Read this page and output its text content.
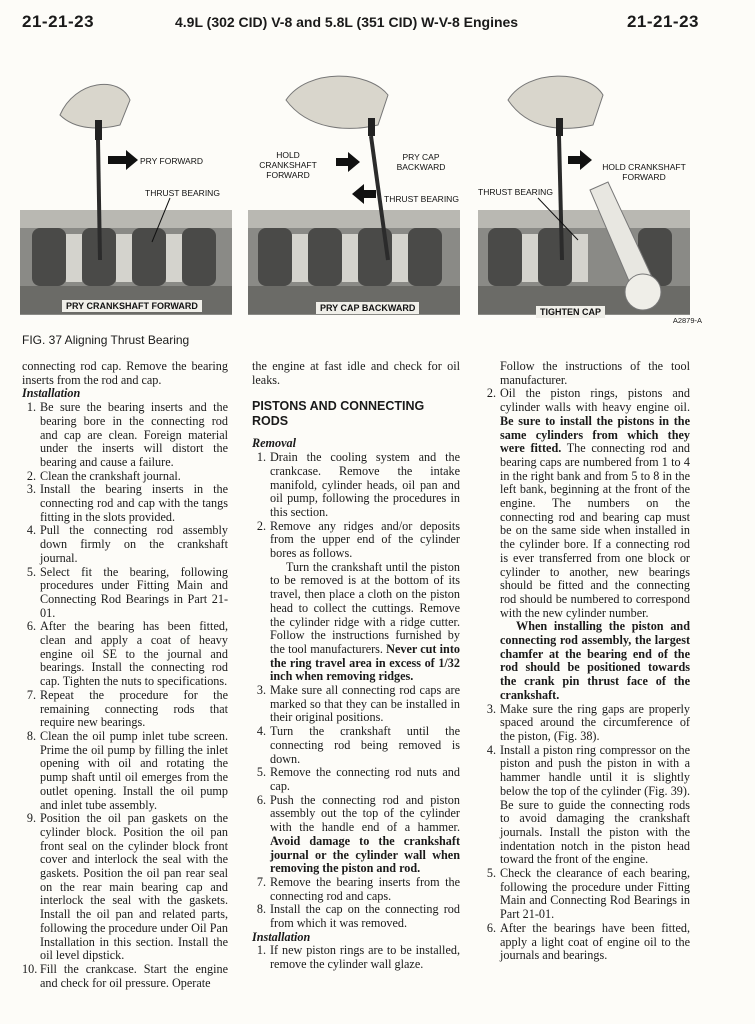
21-21-23	4.9L (302 CID) V-8 and 5.8L (351 CID) W-V-8 Engines	21-21-23
PRY FORWARD
THRUST BEARING
PRY CRANKSHAFT FORWARD
HOLD CRANKSHAFT FORWARD
PRY CAP BACKWARD
THRUST BEARING
PRY CAP BACKWARD
HOLD CRANKSHAFT FORWARD
THRUST BEARING
TIGHTEN CAP
A2879-A
FIG. 37 Aligning Thrust Bearing

connecting rod cap. Remove the bearing inserts from the rod and cap.

Installation

1. Be sure the bearing inserts and the bearing bore in the connecting rod and cap are clean. Foreign material under the inserts will distort the bearing and cause a failure.
2. Clean the crankshaft journal.
3. Install the bearing inserts in the connecting rod and cap with the tangs fitting in the slots provided.
4. Pull the connecting rod assembly down firmly on the crankshaft journal.
5. Select fit the bearing, following procedures under Fitting Main and Connecting Rod Bearings in Part 21-01.
6. After the bearing has been fitted, clean and apply a coat of heavy engine oil SE to the journal and bearings. Install the connecting rod cap. Tighten the nuts to specifications.
7. Repeat the procedure for the remaining connecting rods that require new bearings.
8. Clean the oil pump inlet tube screen. Prime the oil pump by filling the inlet opening with oil and rotating the pump shaft until oil emerges from the outlet opening. Install the oil pump and inlet tube assembly.
9. Position the oil pan gaskets on the cylinder block. Position the oil pan front seal on the cylinder block front cover and interlock the seal with the gaskets. Position the oil pan rear seal on the rear main bearing cap and interlock the seal with the gaskets. Install the oil pan and related parts, following the procedure under Oil Pan Installation in this section. Install the oil level dipstick.
10. Fill the crankcase. Start the engine and check for oil pressure. Operate

the engine at fast idle and check for oil leaks.

PISTONS AND CONNECTING RODS

Removal

1. Drain the cooling system and the crankcase. Remove the intake manifold, cylinder heads, oil pan and oil pump, following the procedures in this section.
2. Remove any ridges and/or deposits from the upper end of the cylinder bores as follows.

Turn the crankshaft until the piston to be removed is at the bottom of its travel, then place a cloth on the piston head to collect the cuttings. Remove the cylinder ridge with a ridge cutter. Follow the instructions furnished by the tool manufacturers. Never cut into the ring travel area in excess of 1/32 inch when removing ridges.

3. Make sure all connecting rod caps are marked so that they can be installed in their original positions.
4. Turn the crankshaft until the connecting rod being removed is down.
5. Remove the connecting rod nuts and cap.
6. Push the connecting rod and piston assembly out the top of the cylinder with the handle end of a hammer. Avoid damage to the crankshaft journal or the cylinder wall when removing the piston and rod.
7. Remove the bearing inserts from the connecting rod and caps.
8. Install the cap on the connecting rod from which it was removed.

Installation

1. If new piston rings are to be installed, remove the cylinder wall glaze.

Follow the instructions of the tool manufacturer.

2. Oil the piston rings, pistons and cylinder walls with heavy engine oil. Be sure to install the pistons in the same cylinders from which they were fitted. The connecting rod and bearing caps are numbered from 1 to 4 in the right bank and from 5 to 8 in the left bank, beginning at the front of the engine. The numbers on the connecting rod and bearing cap must be on the same side when installed in the cylinder bore. If a connecting rod is ever transferred from one block or cylinder to another, new bearings should be fitted and the connecting rod should be numbered to correspond with the new cylinder number.

When installing the piston and connecting rod assembly, the largest chamfer at the bearing end of the rod should be positioned towards the crank pin thrust face of the crankshaft.

3. Make sure the ring gaps are properly spaced around the circumference of the piston, (Fig. 38).
4. Install a piston ring compressor on the piston and push the piston in with a hammer handle until it is slightly below the top of the cylinder (Fig. 39). Be sure to guide the connecting rods to avoid damaging the crankshaft journals. Install the piston with the indentation notch in the piston head toward the front of the engine.
5. Check the clearance of each bearing, following the procedure under Fitting Main and Connecting Rod Bearings in Part 21-01.
6. After the bearings have been fitted, apply a light coat of engine oil to the journals and bearings.
